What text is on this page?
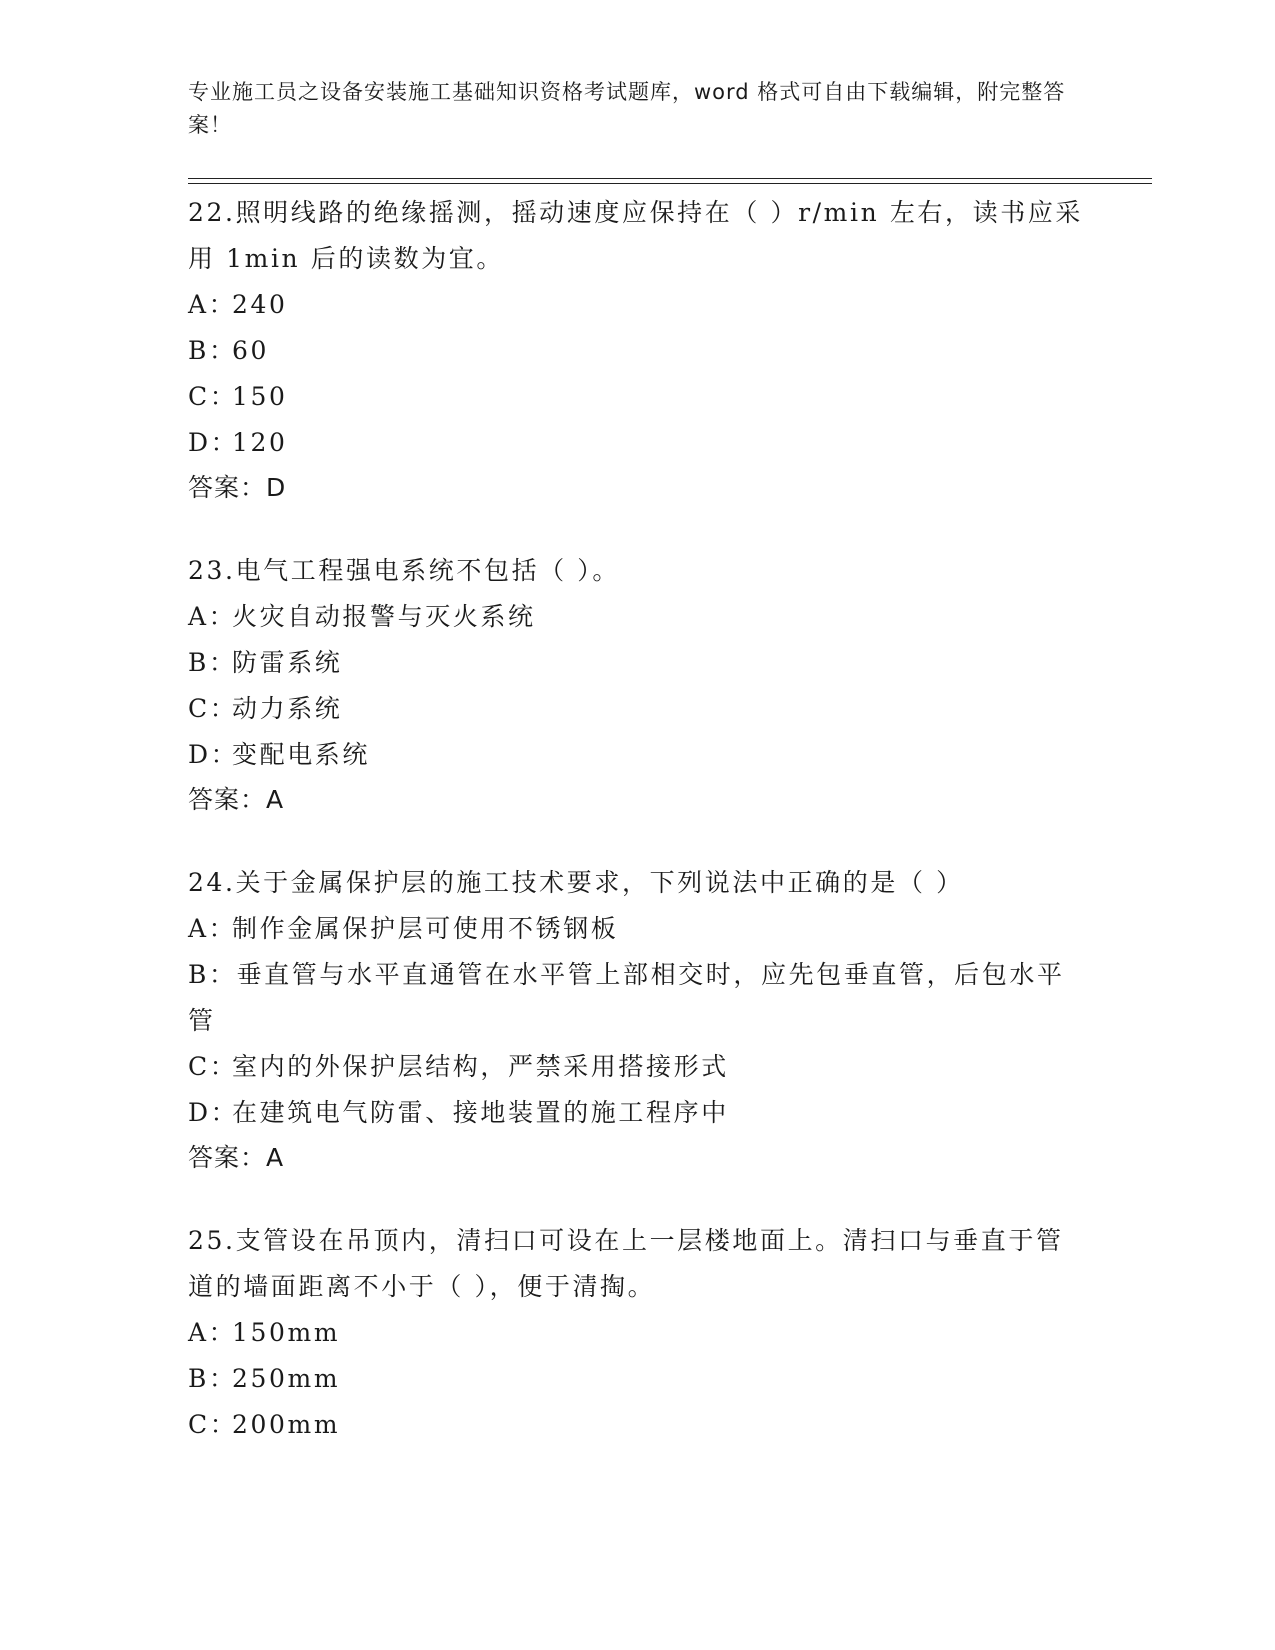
专业施工员之设备安装施工基础知识资格考试题库，word 格式可自由下载编辑，附完整答案！

22.照明线路的绝缘摇测，摇动速度应保持在（ ）r/min 左右，读书应采用 1min 后的读数为宜。

A：240

B：60

C：150

D：120

答案：D

23.电气工程强电系统不包括（ ）。

A：火灾自动报警与灭火系统

B：防雷系统

C：动力系统

D：变配电系统

答案：A

24.关于金属保护层的施工技术要求，下列说法中正确的是（ ）

A：制作金属保护层可使用不锈钢板

B：垂直管与水平直通管在水平管上部相交时，应先包垂直管，后包水平管

C：室内的外保护层结构，严禁采用搭接形式

D：在建筑电气防雷、接地装置的施工程序中

答案：A

25.支管设在吊顶内，清扫口可设在上一层楼地面上。清扫口与垂直于管道的墙面距离不小于（ ），便于清掏。

A：150mm

B：250mm

C：200mm
